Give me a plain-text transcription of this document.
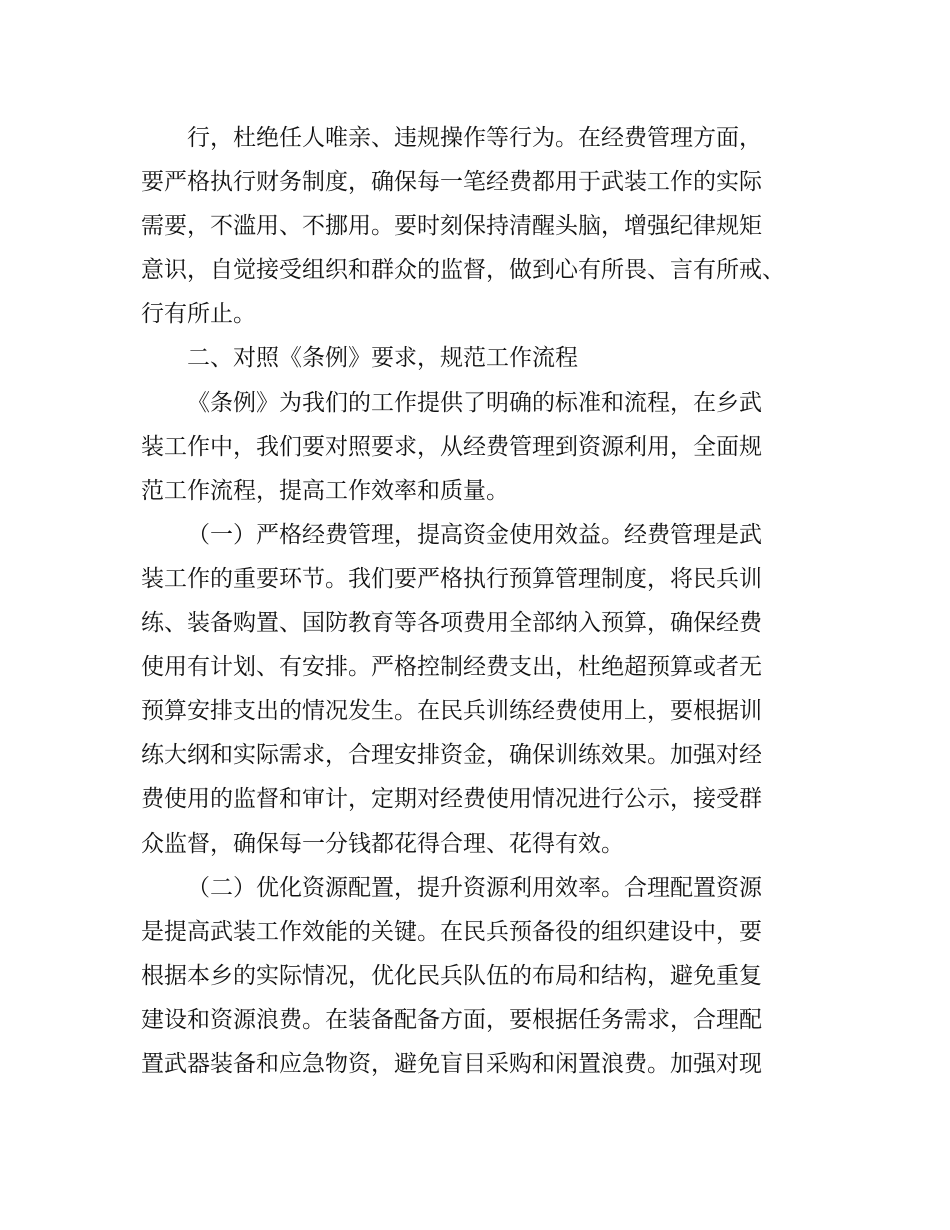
行，杜绝任人唯亲、违规操作等行为。在经费管理方面，
要严格执行财务制度，确保每一笔经费都用于武装工作的实际
需要，不滥用、不挪用。要时刻保持清醒头脑，增强纪律规矩
意识，自觉接受组织和群众的监督，做到心有所畏、言有所戒、
行有所止。
二、对照《条例》要求，规范工作流程
《条例》为我们的工作提供了明确的标准和流程，在乡武
装工作中，我们要对照要求，从经费管理到资源利用，全面规
范工作流程，提高工作效率和质量。
（一）严格经费管理，提高资金使用效益。经费管理是武
装工作的重要环节。我们要严格执行预算管理制度，将民兵训
练、装备购置、国防教育等各项费用全部纳入预算，确保经费
使用有计划、有安排。严格控制经费支出，杜绝超预算或者无
预算安排支出的情况发生。在民兵训练经费使用上，要根据训
练大纲和实际需求，合理安排资金，确保训练效果。加强对经
费使用的监督和审计，定期对经费使用情况进行公示，接受群
众监督，确保每一分钱都花得合理、花得有效。
（二）优化资源配置，提升资源利用效率。合理配置资源
是提高武装工作效能的关键。在民兵预备役的组织建设中，要
根据本乡的实际情况，优化民兵队伍的布局和结构，避免重复
建设和资源浪费。在装备配备方面，要根据任务需求，合理配
置武器装备和应急物资，避免盲目采购和闲置浪费。加强对现
